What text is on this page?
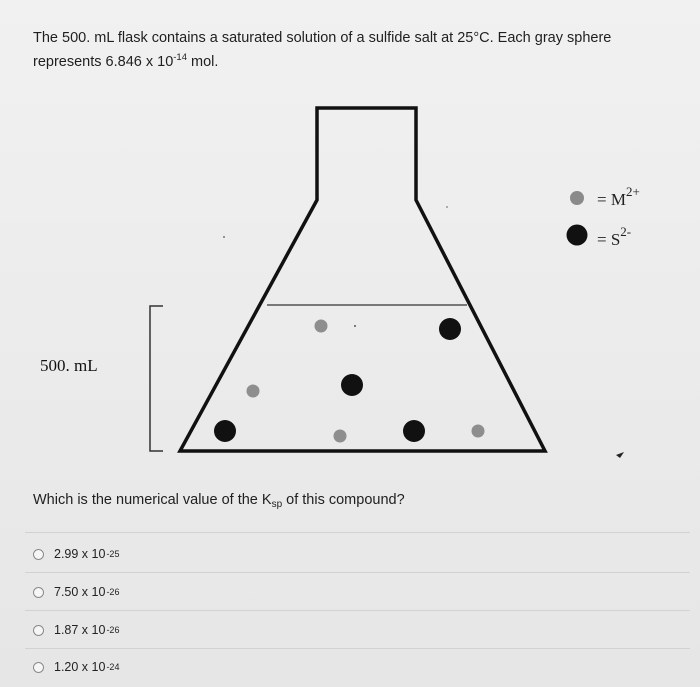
The 500. mL flask contains a saturated solution of a sulfide salt at 25°C. Each gray sphere represents 6.846 x $10^{-14}$ mol.
500. mL
= $M^{2+}$
= $S^{2-}$
Which is the numerical value of the $K_{sp}$ of this compound?
2.99 x 10 -25
7.50 x 10 -26
1.87 x 10 -26
1.20 x 10 -24
